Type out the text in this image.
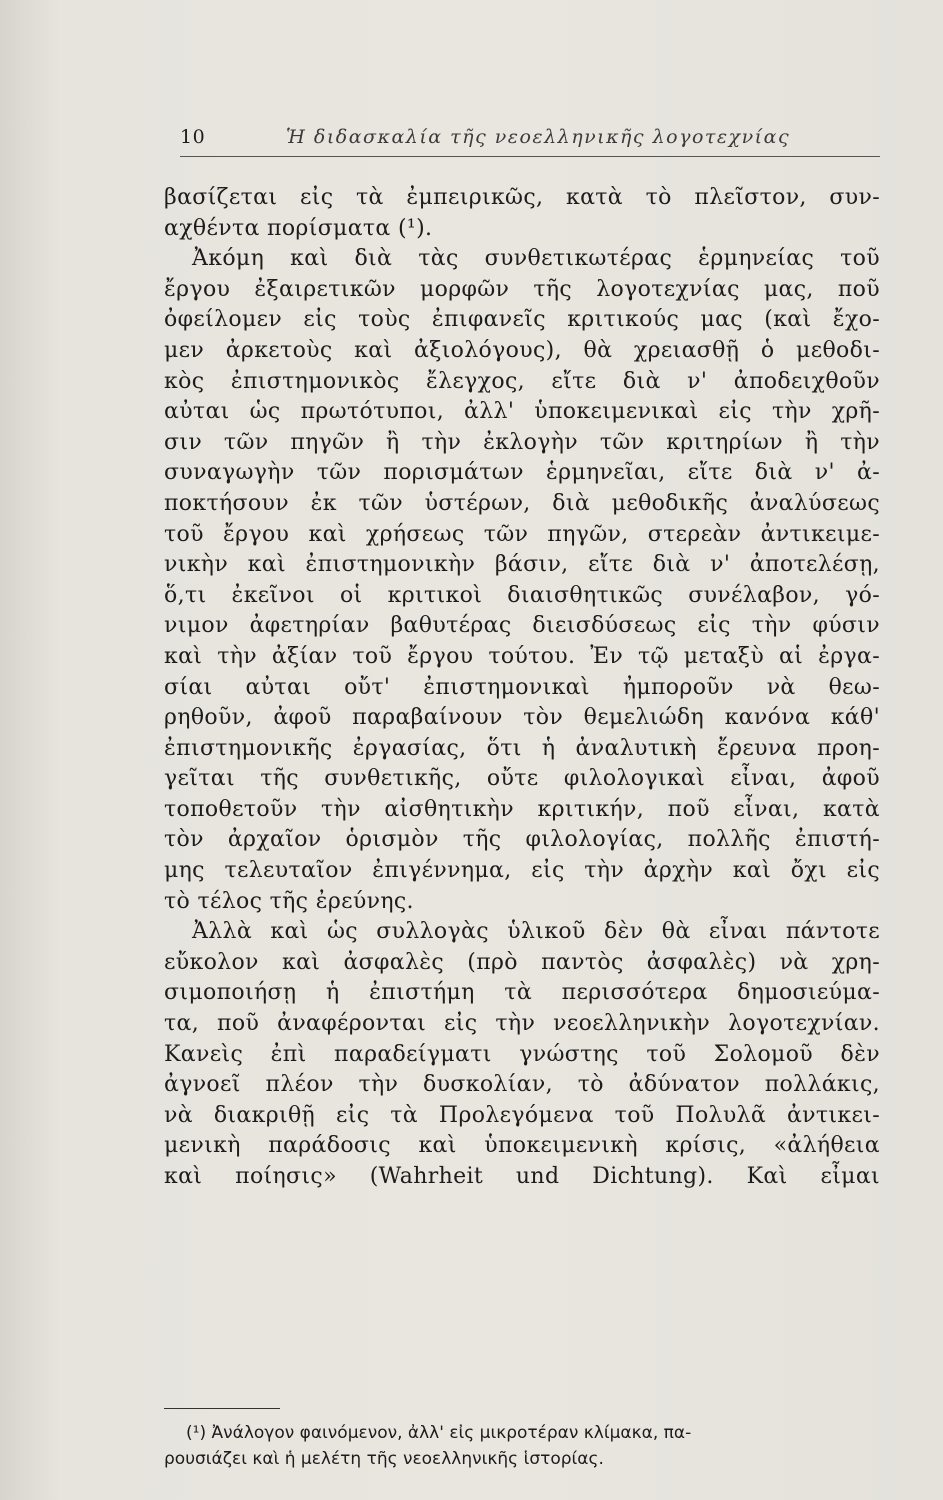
10	Ἡ διδασκαλία τῆς νεοελληνικῆς λογοτεχνίας
βασίζεται εἰς τὰ ἐμπειρικῶς, κατὰ τὸ πλεῖστον, συν-
αχθέντα πορίσματα (¹).
Ἀκόμη καὶ διὰ τὰς συνθετικωτέρας ἑρμηνείας τοῦ
ἔργου ἐξαιρετικῶν μορφῶν τῆς λογοτεχνίας μας, ποῦ
ὀφείλομεν εἰς τοὺς ἐπιφανεῖς κριτικούς μας (καὶ ἔχο-
μεν ἀρκετοὺς καὶ ἀξιολόγους), θὰ χρειασθῇ ὁ μεθοδι-
κὸς ἐπιστημονικὸς ἔλεγχος, εἴτε διὰ ν' ἀποδειχθοῦν
αὐται ὡς πρωτότυποι, ἀλλ' ὑποκειμενικαὶ εἰς τὴν χρῆ-
σιν τῶν πηγῶν ἢ τὴν ἐκλογὴν τῶν κριτηρίων ἢ τὴν
συναγωγὴν τῶν πορισμάτων ἑρμηνεῖαι, εἴτε διὰ ν' ἀ-
ποκτήσουν ἐκ τῶν ὑστέρων, διὰ μεθοδικῆς ἀναλύσεως
τοῦ ἔργου καὶ χρήσεως τῶν πηγῶν, στερεὰν ἀντικειμε-
νικὴν καὶ ἐπιστημονικὴν βάσιν, εἴτε διὰ ν' ἀποτελέσῃ,
ὅ,τι ἐκεῖνοι οἱ κριτικοὶ διαισθητικῶς συνέλαβον, γό-
νιμον ἀφετηρίαν βαθυτέρας διεισδύσεως εἰς τὴν φύσιν
καὶ τὴν ἀξίαν τοῦ ἔργου τούτου. Ἐν τῷ μεταξὺ αἱ ἐργα-
σίαι αὐται οὔτ' ἐπιστημονικαὶ ἠμποροῦν νὰ θεω-
ρηθοῦν, ἀφοῦ παραβαίνουν τὸν θεμελιώδη κανόνα κάθ'
ἐπιστημονικῆς ἐργασίας, ὅτι ἡ ἀναλυτικὴ ἔρευνα προη-
γεῖται τῆς συνθετικῆς, οὔτε φιλολογικαὶ εἶναι, ἀφοῦ
τοποθετοῦν τὴν αἰσθητικὴν κριτικήν, ποῦ εἶναι, κατὰ
τὸν ἀρχαῖον ὁρισμὸν τῆς φιλολογίας, πολλῆς ἐπιστή-
μης τελευταῖον ἐπιγέννημα, εἰς τὴν ἀρχὴν καὶ ὄχι εἰς
τὸ τέλος τῆς ἐρεύνης.
Ἀλλὰ καὶ ὡς συλλογὰς ὑλικοῦ δὲν θὰ εἶναι πάντοτε
εὔκολον καὶ ἀσφαλὲς (πρὸ παντὸς ἀσφαλὲς) νὰ χρη-
σιμοποιήσῃ ἡ ἐπιστήμη τὰ περισσότερα δημοσιεύμα-
τα, ποῦ ἀναφέρονται εἰς τὴν νεοελληνικὴν λογοτεχνίαν.
Κανεὶς ἐπὶ παραδείγματι γνώστης τοῦ Σολομοῦ δὲν
ἀγνοεῖ πλέον τὴν δυσκολίαν, τὸ ἀδύνατον πολλάκις,
νὰ διακριθῇ εἰς τὰ Προλεγόμενα τοῦ Πολυλᾶ ἀντικει-
μενικὴ παράδοσις καὶ ὑποκειμενικὴ κρίσις, «ἀλήθεια
καὶ ποίησις» (Wahrheit und Dichtung). Καὶ εἶμαι
(¹) Ἀνάλογον φαινόμενον, ἀλλ' εἰς μικροτέραν κλίμακα, πα-
ρουσιάζει καὶ ἡ μελέτη τῆς νεοελληνικῆς ἱστορίας.
